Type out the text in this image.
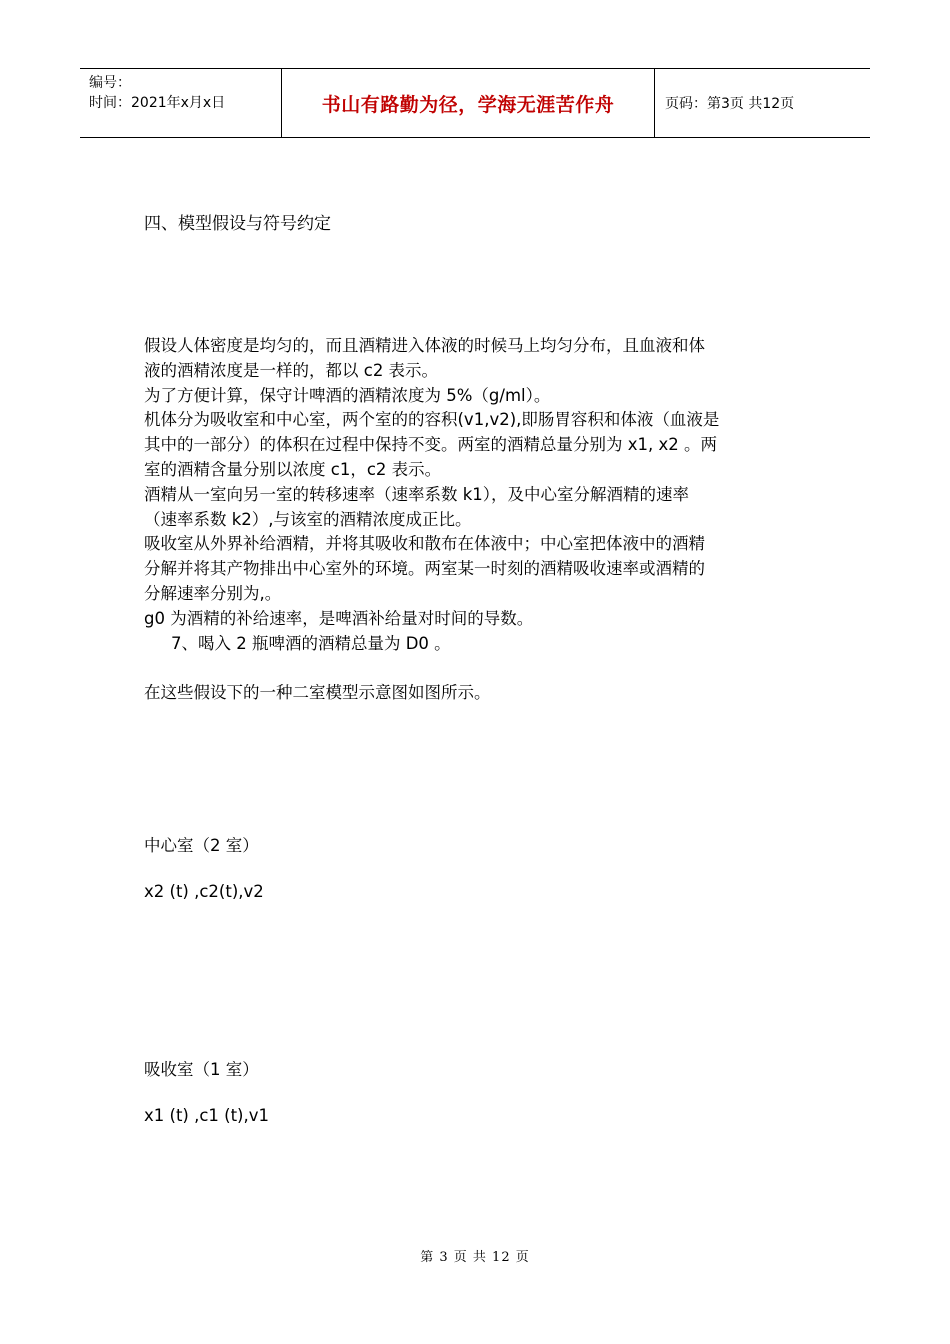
编号：
时间：2021年x月x日	书山有路勤为径，学海无涯苦作舟	页码：第3页 共12页
四、模型假设与符号约定

假设人体密度是均匀的，而且酒精进入体液的时候马上均匀分布，且血液和体

液的酒精浓度是一样的，都以 c2 表示。

为了方便计算，保守计啤酒的酒精浓度为 5%（g/ml）。

机体分为吸收室和中心室，两个室的的容积(v1,v2),即肠胃容积和体液（血液是

其中的一部分）的体积在过程中保持不变。两室的酒精总量分别为 x1, x2 。两

室的酒精含量分别以浓度 c1，c2 表示。

酒精从一室向另一室的转移速率（速率系数 k1），及中心室分解酒精的速率

（速率系数 k2）,与该室的酒精浓度成正比。

吸收室从外界补给酒精，并将其吸收和散布在体液中；中心室把体液中的酒精

分解并将其产物排出中心室外的环境。两室某一时刻的酒精吸收速率或酒精的

分解速率分别为,。

g0 为酒精的补给速率，是啤酒补给量对时间的导数。

7、喝入 2 瓶啤酒的酒精总量为 D0 。

在这些假设下的一种二室模型示意图如图所示。

中心室（2 室）
x2 (t) ,c2(t),v2
吸收室（1 室）
x1 (t) ,c1 (t),v1
第 3 页 共 12 页
